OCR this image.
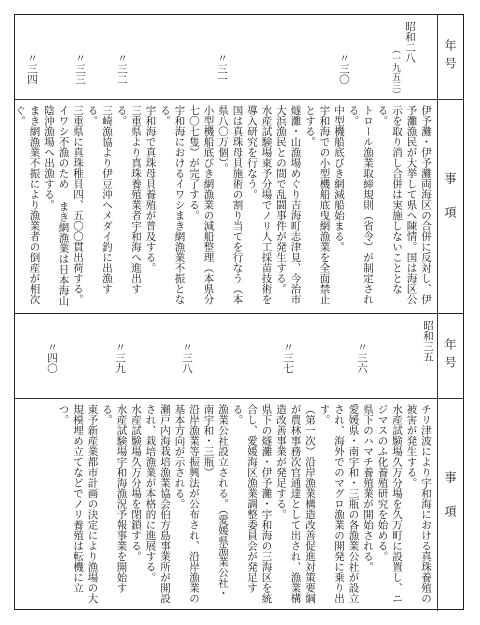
年号
事項
昭和二八
（一九五三）
〃三〇
〃三一
〃三二
〃三三
〃三四

伊予灘・伊予灘両海区の合併に反対し、伊予灘漁民が大挙して県へ陳情。国は海区公示を取り消し合併は実施しないこととなる。

トロール漁業取締規則（省令）が制定される。

中型機船底びき網減船始まる。

宇和海での小型機船底曳網漁業を全面禁止とする。

燧灘・山漁場めぐり吉海町志津見、今治市大浜漁民との間で乱闘事件が発生する。

水産試験場東予分場でノリ人工採苗技術を導入研究を行なう。

国は真珠母貝施術の割り当てを行なう（本県八〇万個）。

小型機船底びき網漁業の減船整理（本県分七〇七隻）が完了する。

宇和海におけるイワシまき網漁業不振となる。

宇和海で真珠母貝養殖が普及する。

三重県より真珠養殖業者宇和海へ進出する。

三崎漁協より伊豆沖へメダイ釣に出漁する。

三重県に真珠稚貝四、五〇〇貫出荷する。

イワシ不漁のため まき網漁業は日本海山陰沖漁場へ出漁する。

まき網漁業不振により漁業者の倒産が相次ぐ。

年号
事項
昭和三五
〃三六
〃三七
〃三八
〃三九
〃四〇

チリ津波により宇和海における真珠養殖の被害が発生する。

水産試験場久万分場を久万町に設置し、ニジマスのふ化養殖研究を始める。

県下のハマチ養殖業が開始される。

愛媛県・南宇和・三瓶の各漁業公社が設立され、海外でのマグロ漁業の開発に乗り出す。

（第一次）沿岸漁業構造改善促進対策要綱が農林事務次官通達として出され、漁業構造改善事業が発足する。

県下の燧灘・伊予灘・宇和海の三海区を統合し、愛媛海区漁業調整委員会が発足する。

漁業公社設立される。（愛媛県漁業公社・南宇和・三瓶）

沿岸漁業等振興法が公布され、沿岸漁業の基本方向が示される。

瀬戸内海栽培漁業協会伯方島事業所が開設され、栽培漁業が本格的に進展する。

水産試験場久万分場を閉鎖する。

水産試験場宇和海漁況予報事業を開始する。

東予新産業都市計画の決定により漁場の大規模埋め立てなどでノリ養殖は転機に立つ。
